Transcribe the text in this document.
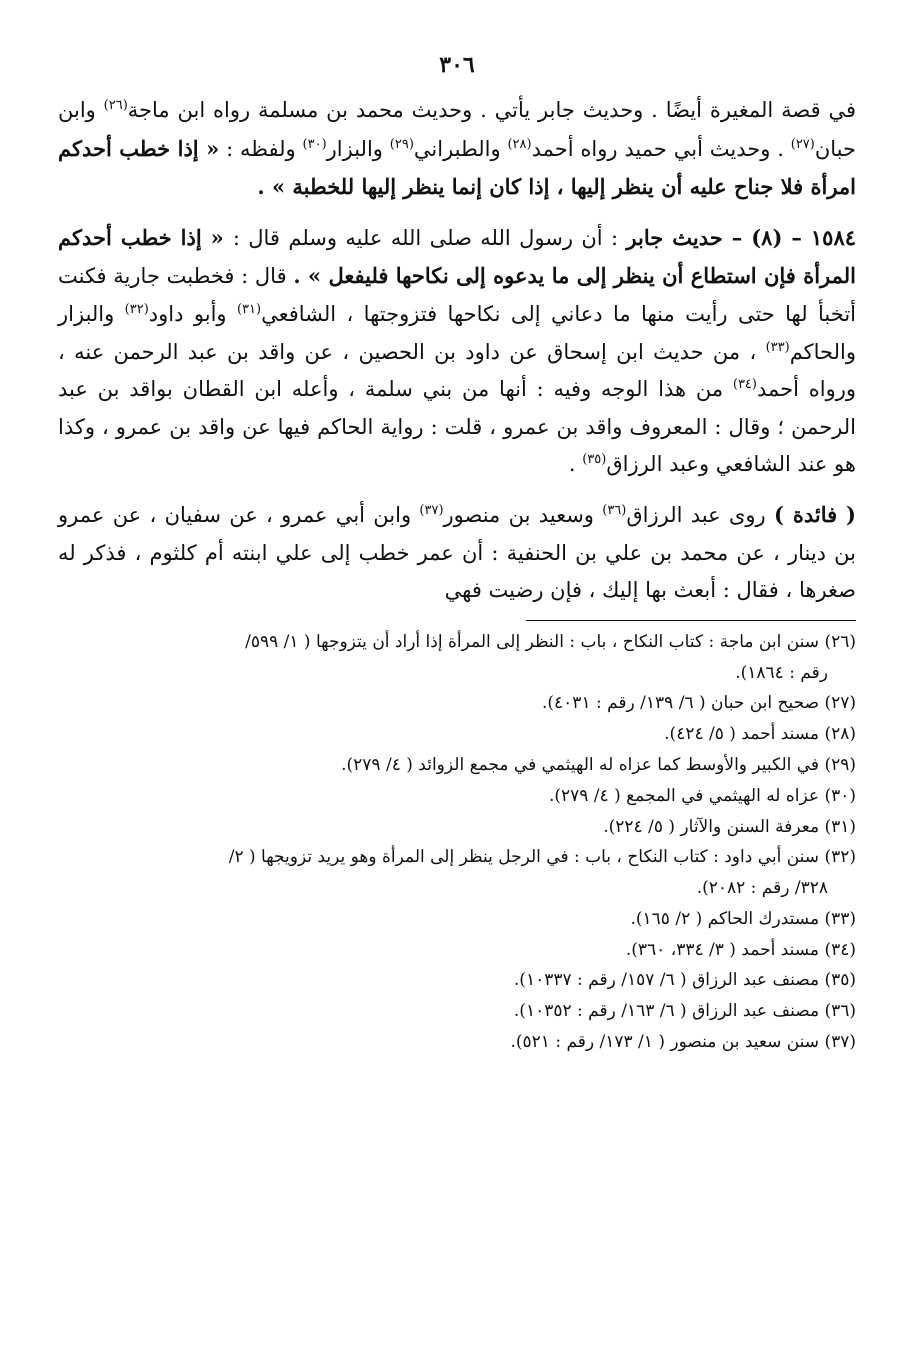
٣٠٦

في قصة المغيرة أيضًا . وحديث جابر يأتي . وحديث محمد بن مسلمة رواه ابن ماجة$^{(٢٦)}$ وابن حبان$^{(٢٧)}$ . وحديث أبي حميد رواه أحمد$^{(٢٨)}$ والطبراني$^{(٢٩)}$ والبزار$^{(٣٠)}$ ولفظه : « إذا خطب أحدكم امرأة فلا جناح عليه أن ينظر إليها ، إذا كان إنما ينظر إليها للخطبة » .

١٥٨٤ – (٨) – حديث جابر : أن رسول الله صلى الله عليه وسلم قال : « إذا خطب أحدكم المرأة فإن استطاع أن ينظر إلى ما يدعوه إلى نكاحها فليفعل » . قال : فخطبت جارية فكنت أتخبأ لها حتى رأيت منها ما دعاني إلى نكاحها فتزوجتها ، الشافعي$^{(٣١)}$ وأبو داود$^{(٣٢)}$ والبزار والحاكم$^{(٣٣)}$ ، من حديث ابن إسحاق عن داود بن الحصين ، عن واقد بن عبد الرحمن عنه ، ورواه أحمد$^{(٣٤)}$ من هذا الوجه وفيه : أنها من بني سلمة ، وأعله ابن القطان بواقد بن عبد الرحمن ؛ وقال : المعروف واقد بن عمرو ، قلت : رواية الحاكم فيها عن واقد بن عمرو ، وكذا هو عند الشافعي وعبد الرزاق$^{(٣٥)}$ .

( فائدة ) روى عبد الرزاق$^{(٣٦)}$ وسعيد بن منصور$^{(٣٧)}$ وابن أبي عمرو ، عن سفيان ، عن عمرو بن دينار ، عن محمد بن علي بن الحنفية : أن عمر خطب إلى علي ابنته أم كلثوم ، فذكر له صغرها ، فقال : أبعث بها إليك ، فإن رضيت فهي

(٢٦) سنن ابن ماجة : كتاب النكاح ، باب : النظر إلى المرأة إذا أراد أن يتزوجها ( ١/ ٥٩٩/
رقم : ١٨٦٤).
(٢٧) صحيح ابن حبان ( ٦/ ١٣٩/ رقم : ٤٠٣١).
(٢٨) مسند أحمد ( ٥/ ٤٢٤).
(٢٩) في الكبير والأوسط كما عزاه له الهيثمي في مجمع الزوائد ( ٤/ ٢٧٩).
(٣٠) عزاه له الهيثمي في المجمع ( ٤/ ٢٧٩).
(٣١) معرفة السنن والآثار ( ٥/ ٢٢٤).
(٣٢) سنن أبي داود : كتاب النكاح ، باب : في الرجل ينظر إلى المرأة وهو يريد تزويجها ( ٢/
٣٢٨/ رقم : ٢٠٨٢).
(٣٣) مستدرك الحاكم ( ٢/ ١٦٥).
(٣٤) مسند أحمد ( ٣/ ٣٣٤، ٣٦٠).
(٣٥) مصنف عبد الرزاق ( ٦/ ١٥٧/ رقم : ١٠٣٣٧).
(٣٦) مصنف عبد الرزاق ( ٦/ ١٦٣/ رقم : ١٠٣٥٢).
(٣٧) سنن سعيد بن منصور ( ١/ ١٧٣/ رقم : ٥٢١).
